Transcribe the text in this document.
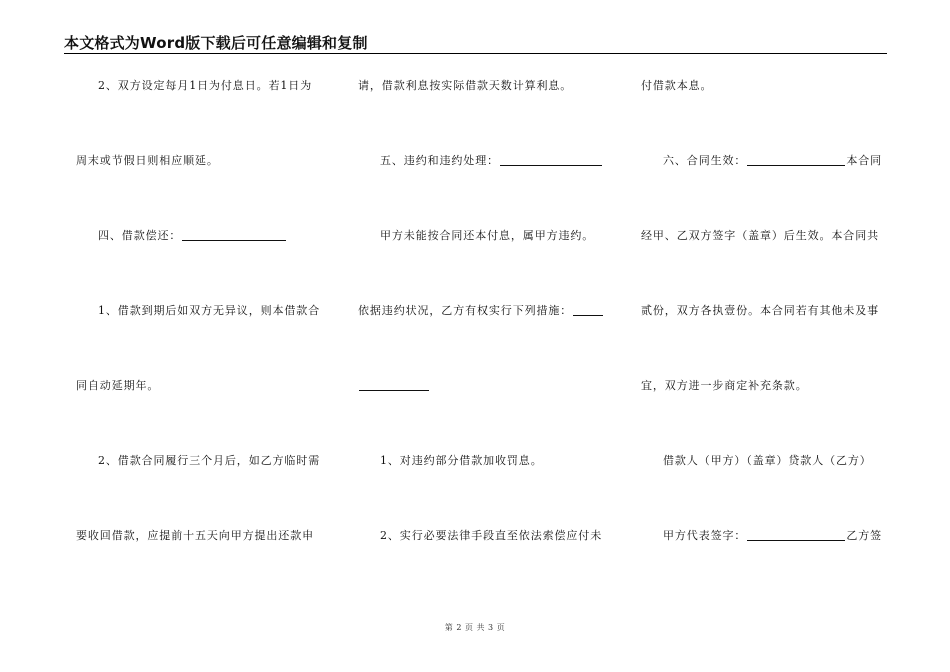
本文格式为Word版下载后可任意编辑和复制
2、双方设定每月1日为付息日。若1日为
周末或节假日则相应顺延。
四、借款偿还：
1、借款到期后如双方无异议，则本借款合
同自动延期年。
2、借款合同履行三个月后，如乙方临时需
要收回借款，应提前十五天向甲方提出还款申
请，借款利息按实际借款天数计算利息。
五、违约和违约处理：
甲方未能按合同还本付息，属甲方违约。
依据违约状况，乙方有权实行下列措施：
1、对违约部分借款加收罚息。
2、实行必要法律手段直至依法索偿应付未
付借款本息。
六、合同生效：	本合同
经甲、乙双方签字（盖章）后生效。本合同共
贰份，双方各执壹份。本合同若有其他未及事
宜，双方进一步商定补充条款。
借款人（甲方）（盖章）贷款人（乙方）
甲方代表签字：	乙方签
第 2 页 共 3 页
